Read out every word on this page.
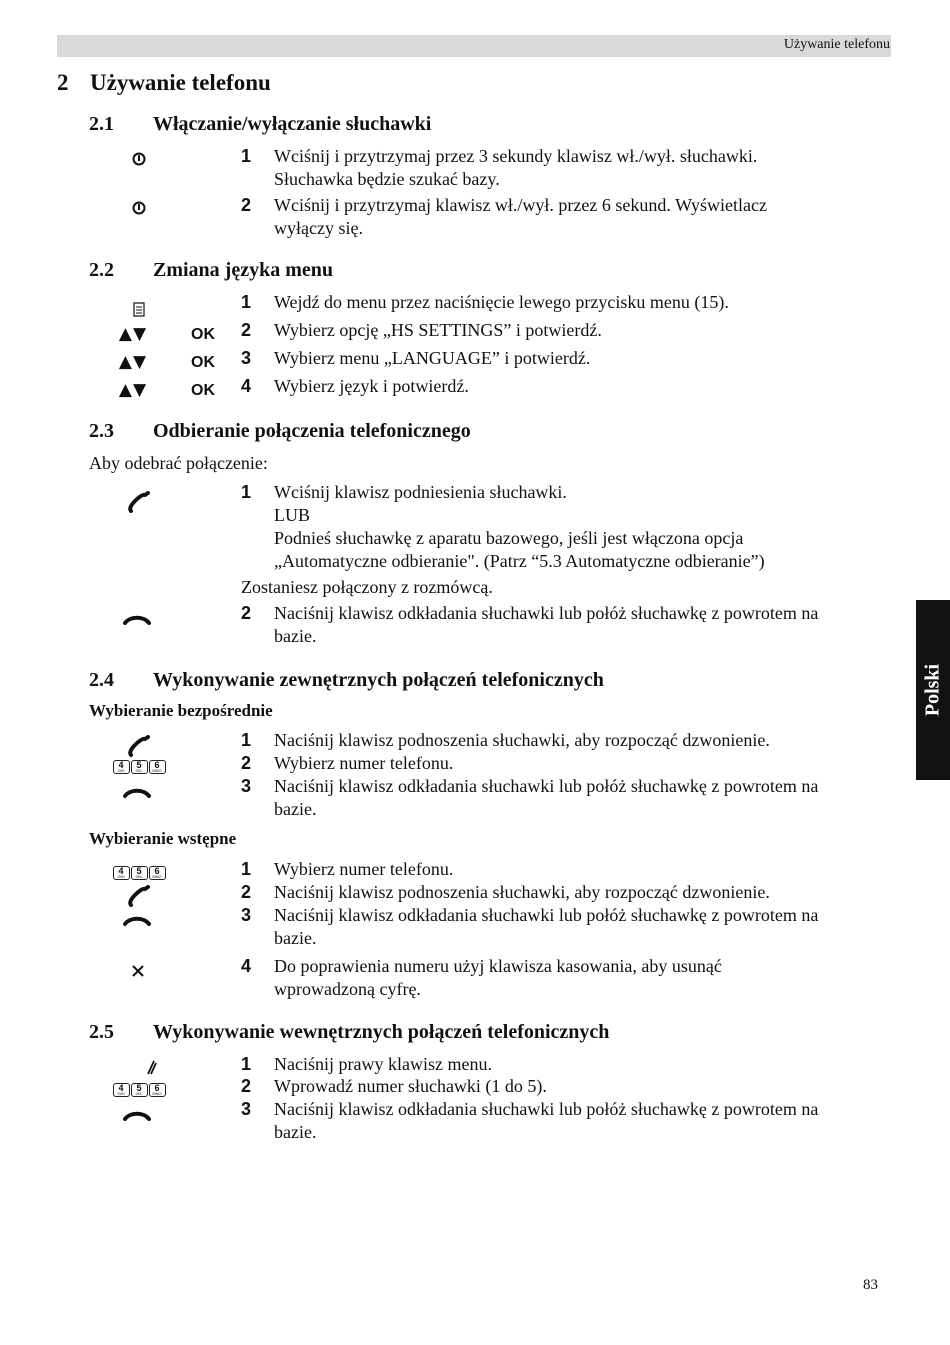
Używanie telefonu
2 Używanie telefonu
2.1 Włączanie/wyłączanie słuchawki
1 Wciśnij i przytrzymaj przez 3 sekundy klawisz wł./wył. słuchawki.
Słuchawka będzie szukać bazy.
2 Wciśnij i przytrzymaj klawisz wł./wył. przez 6 sekund. Wyświetlacz
wyłączy się.
2.2 Zmiana języka menu
1 Wejdź do menu przez naciśnięcie lewego przycisku menu (15).
▲▼	OK 2 Wybierz opcję „HS SETTINGS” i potwierdź.
▲▼	OK 3 Wybierz menu „LANGUAGE” i potwierdź.
▲▼	OK 4 Wybierz język i potwierdź.
2.3 Odbieranie połączenia telefonicznego
Aby odebrać połączenie:
1 Wciśnij klawisz podniesienia słuchawki.
LUB
Podnieś słuchawkę z aparatu bazowego, jeśli jest włączona opcja
„Automatyczne odbieranie". (Patrz “5.3 Automatyczne odbieranie”)
Zostaniesz połączony z rozmówcą.
2 Naciśnij klawisz odkładania słuchawki lub połóż słuchawkę z powrotem na
bazie.
2.4 Wykonywanie zewnętrznych połączeń telefonicznych
Wybieranie bezpośrednie
1 Naciśnij klawisz podnoszenia słuchawki, aby rozpocząć dzwonienie.
4
GHI
5
JKL
6
MNO	2 Wybierz numer telefonu.
3 Naciśnij klawisz odkładania słuchawki lub połóż słuchawkę z powrotem na
bazie.
Wybieranie wstępne
4
GHI
5
JKL
6
MNO	1 Wybierz numer telefonu.
2 Naciśnij klawisz podnoszenia słuchawki, aby rozpocząć dzwonienie.
3 Naciśnij klawisz odkładania słuchawki lub połóż słuchawkę z powrotem na
bazie.
4 Do poprawienia numeru użyj klawisza kasowania, aby usunąć
wprowadzoną cyfrę.
2.5 Wykonywanie wewnętrznych połączeń telefonicznych
1 Naciśnij prawy klawisz menu.
4
GHI
5
JKL
6
MNO	2 Wprowadź numer słuchawki (1 do 5).
3 Naciśnij klawisz odkładania słuchawki lub połóż słuchawkę z powrotem na
bazie.
Polski
83
